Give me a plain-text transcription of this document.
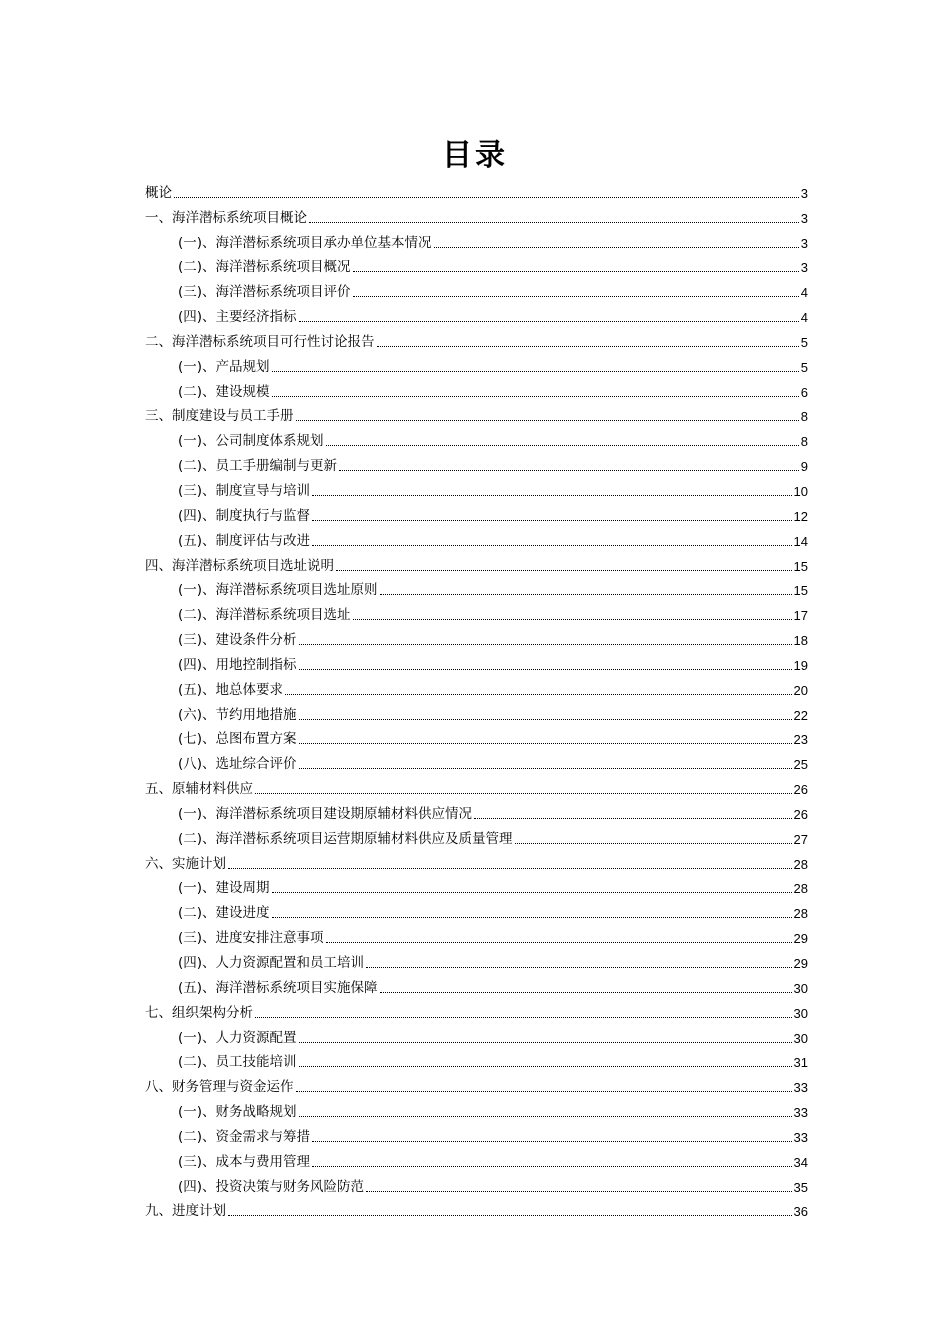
目录
概论	3
一、海洋潜标系统项目概论	3
(一)、海洋潜标系统项目承办单位基本情况	3
(二)、海洋潜标系统项目概况	3
(三)、海洋潜标系统项目评价	4
(四)、主要经济指标	4
二、海洋潜标系统项目可行性讨论报告	5
(一)、产品规划	5
(二)、建设规模	6
三、制度建设与员工手册	8
(一)、公司制度体系规划	8
(二)、员工手册编制与更新	9
(三)、制度宣导与培训	10
(四)、制度执行与监督	12
(五)、制度评估与改进	14
四、海洋潜标系统项目选址说明	15
(一)、海洋潜标系统项目选址原则	15
(二)、海洋潜标系统项目选址	17
(三)、建设条件分析	18
(四)、用地控制指标	19
(五)、地总体要求	20
(六)、节约用地措施	22
(七)、总图布置方案	23
(八)、选址综合评价	25
五、原辅材料供应	26
(一)、海洋潜标系统项目建设期原辅材料供应情况	26
(二)、海洋潜标系统项目运营期原辅材料供应及质量管理	27
六、实施计划	28
(一)、建设周期	28
(二)、建设进度	28
(三)、进度安排注意事项	29
(四)、人力资源配置和员工培训	29
(五)、海洋潜标系统项目实施保障	30
七、组织架构分析	30
(一)、人力资源配置	30
(二)、员工技能培训	31
八、财务管理与资金运作	33
(一)、财务战略规划	33
(二)、资金需求与筹措	33
(三)、成本与费用管理	34
(四)、投资决策与财务风险防范	35
九、进度计划	36
